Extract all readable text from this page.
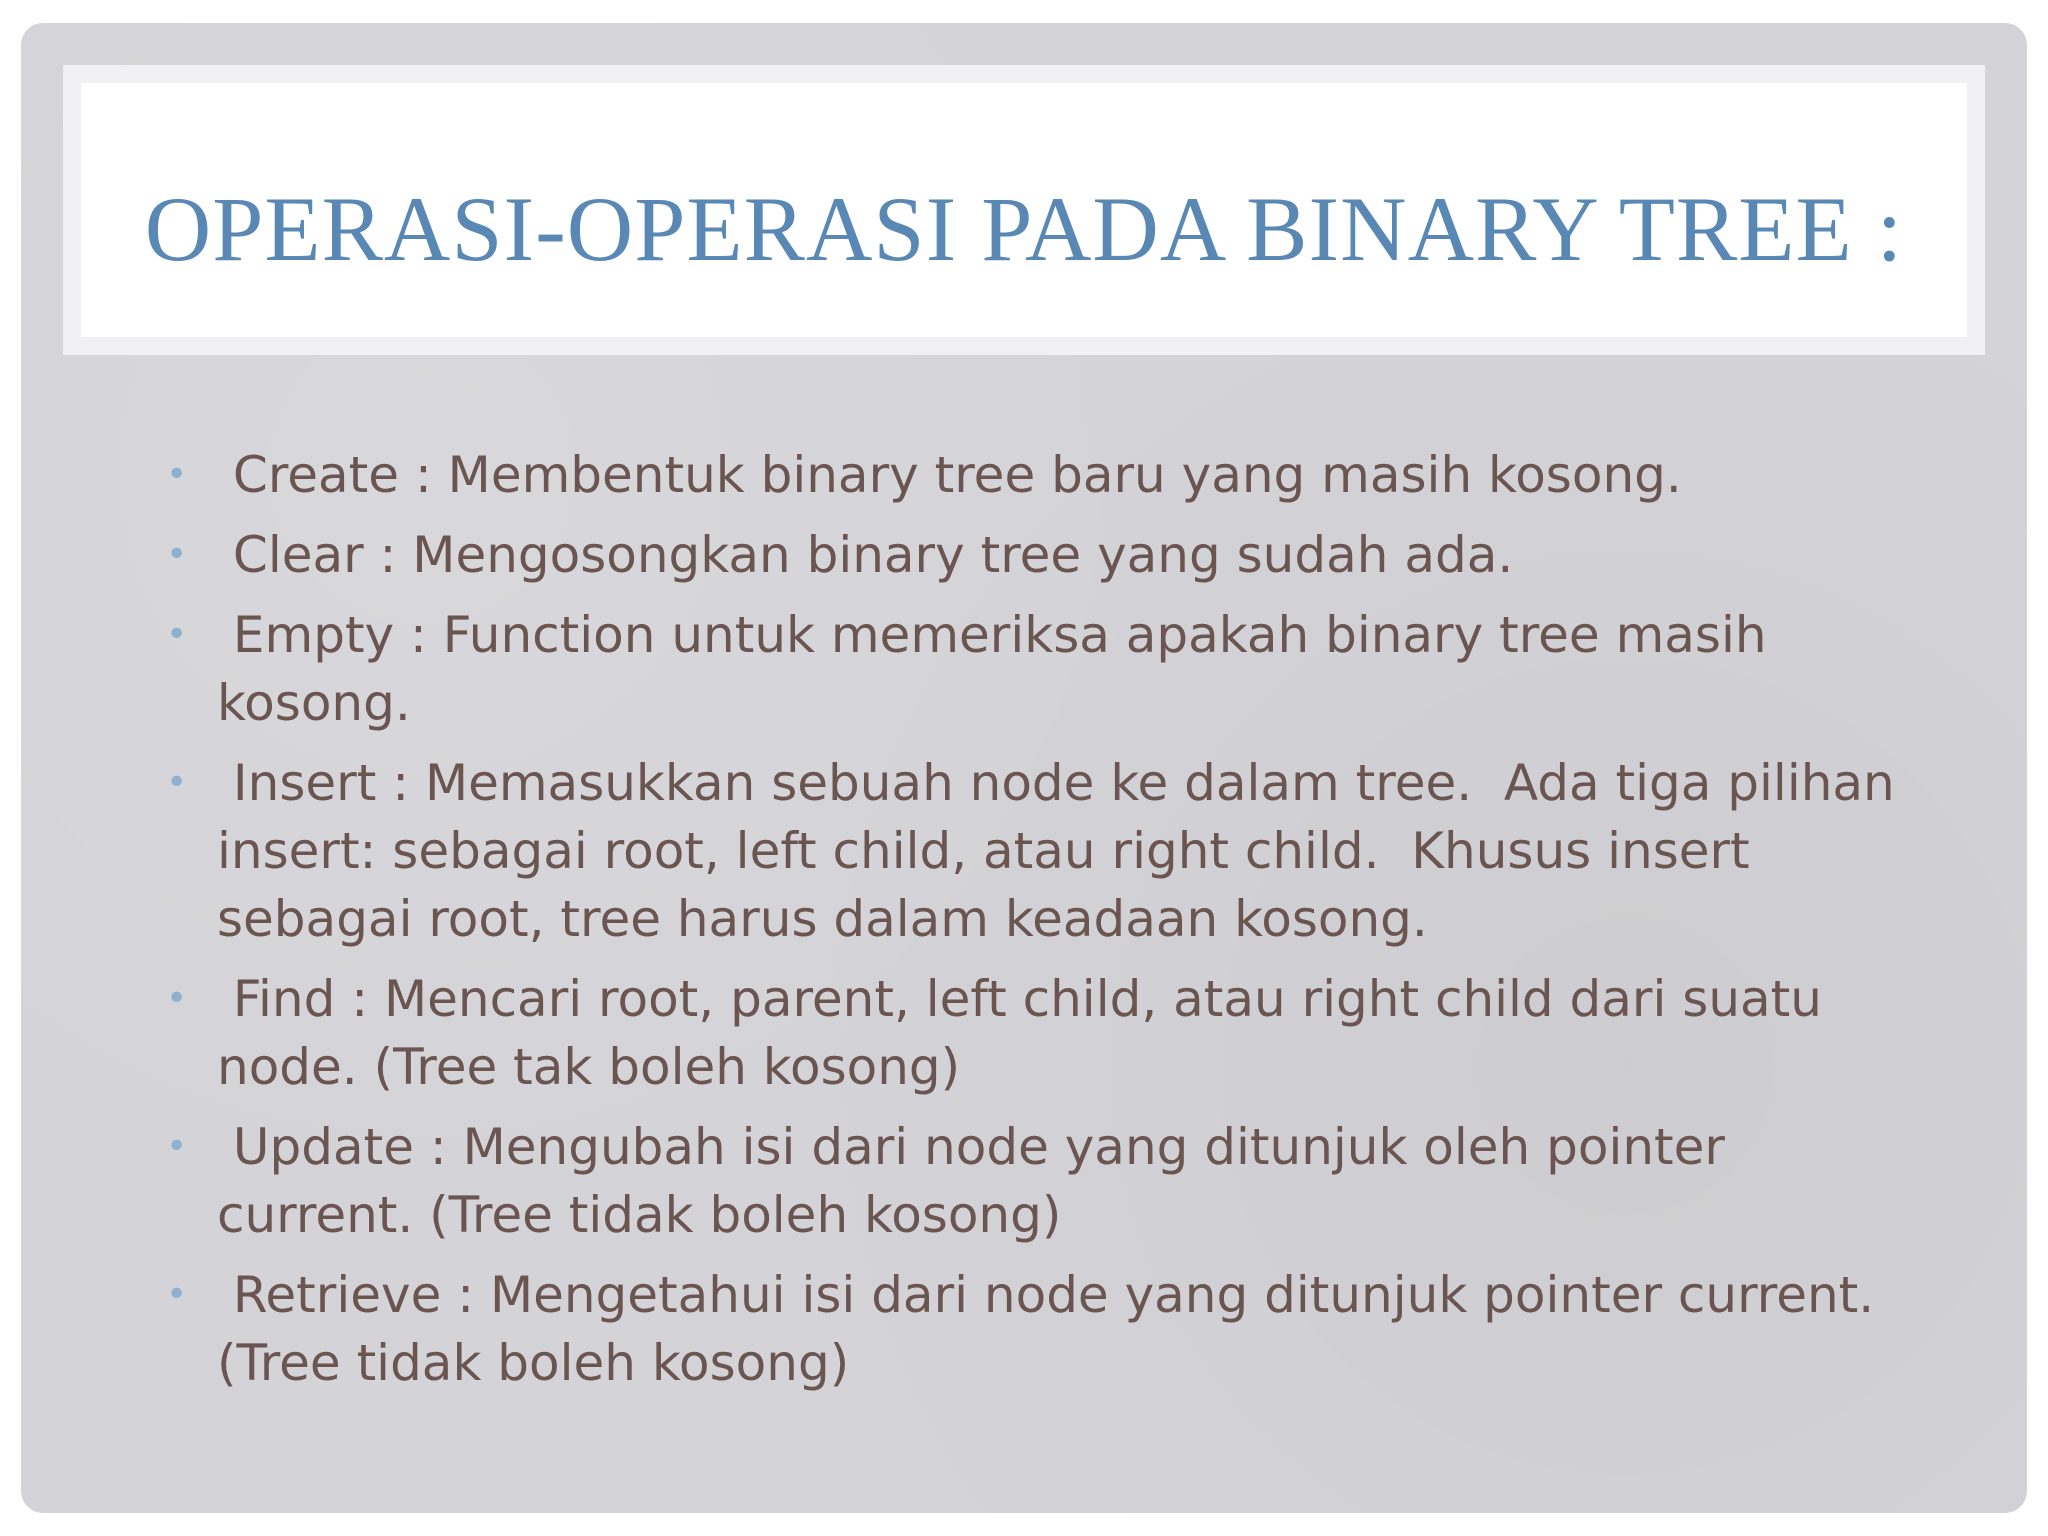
OPERASI-OPERASI PADA BINARY TREE :
• Create : Membentuk binary tree baru yang masih kosong.
• Clear : Mengosongkan binary tree yang sudah ada.
• Empty : Function untuk memeriksa apakah binary tree masih kosong.
• Insert : Memasukkan sebuah node ke dalam tree.  Ada tiga pilihan insert: sebagai root, left child, atau right child.  Khusus insert sebagai root, tree harus dalam keadaan kosong.
• Find : Mencari root, parent, left child, atau right child dari suatu node. (Tree tak boleh kosong)
• Update : Mengubah isi dari node yang ditunjuk oleh pointer current. (Tree tidak boleh kosong)
• Retrieve : Mengetahui isi dari node yang ditunjuk pointer current. (Tree tidak boleh kosong)
